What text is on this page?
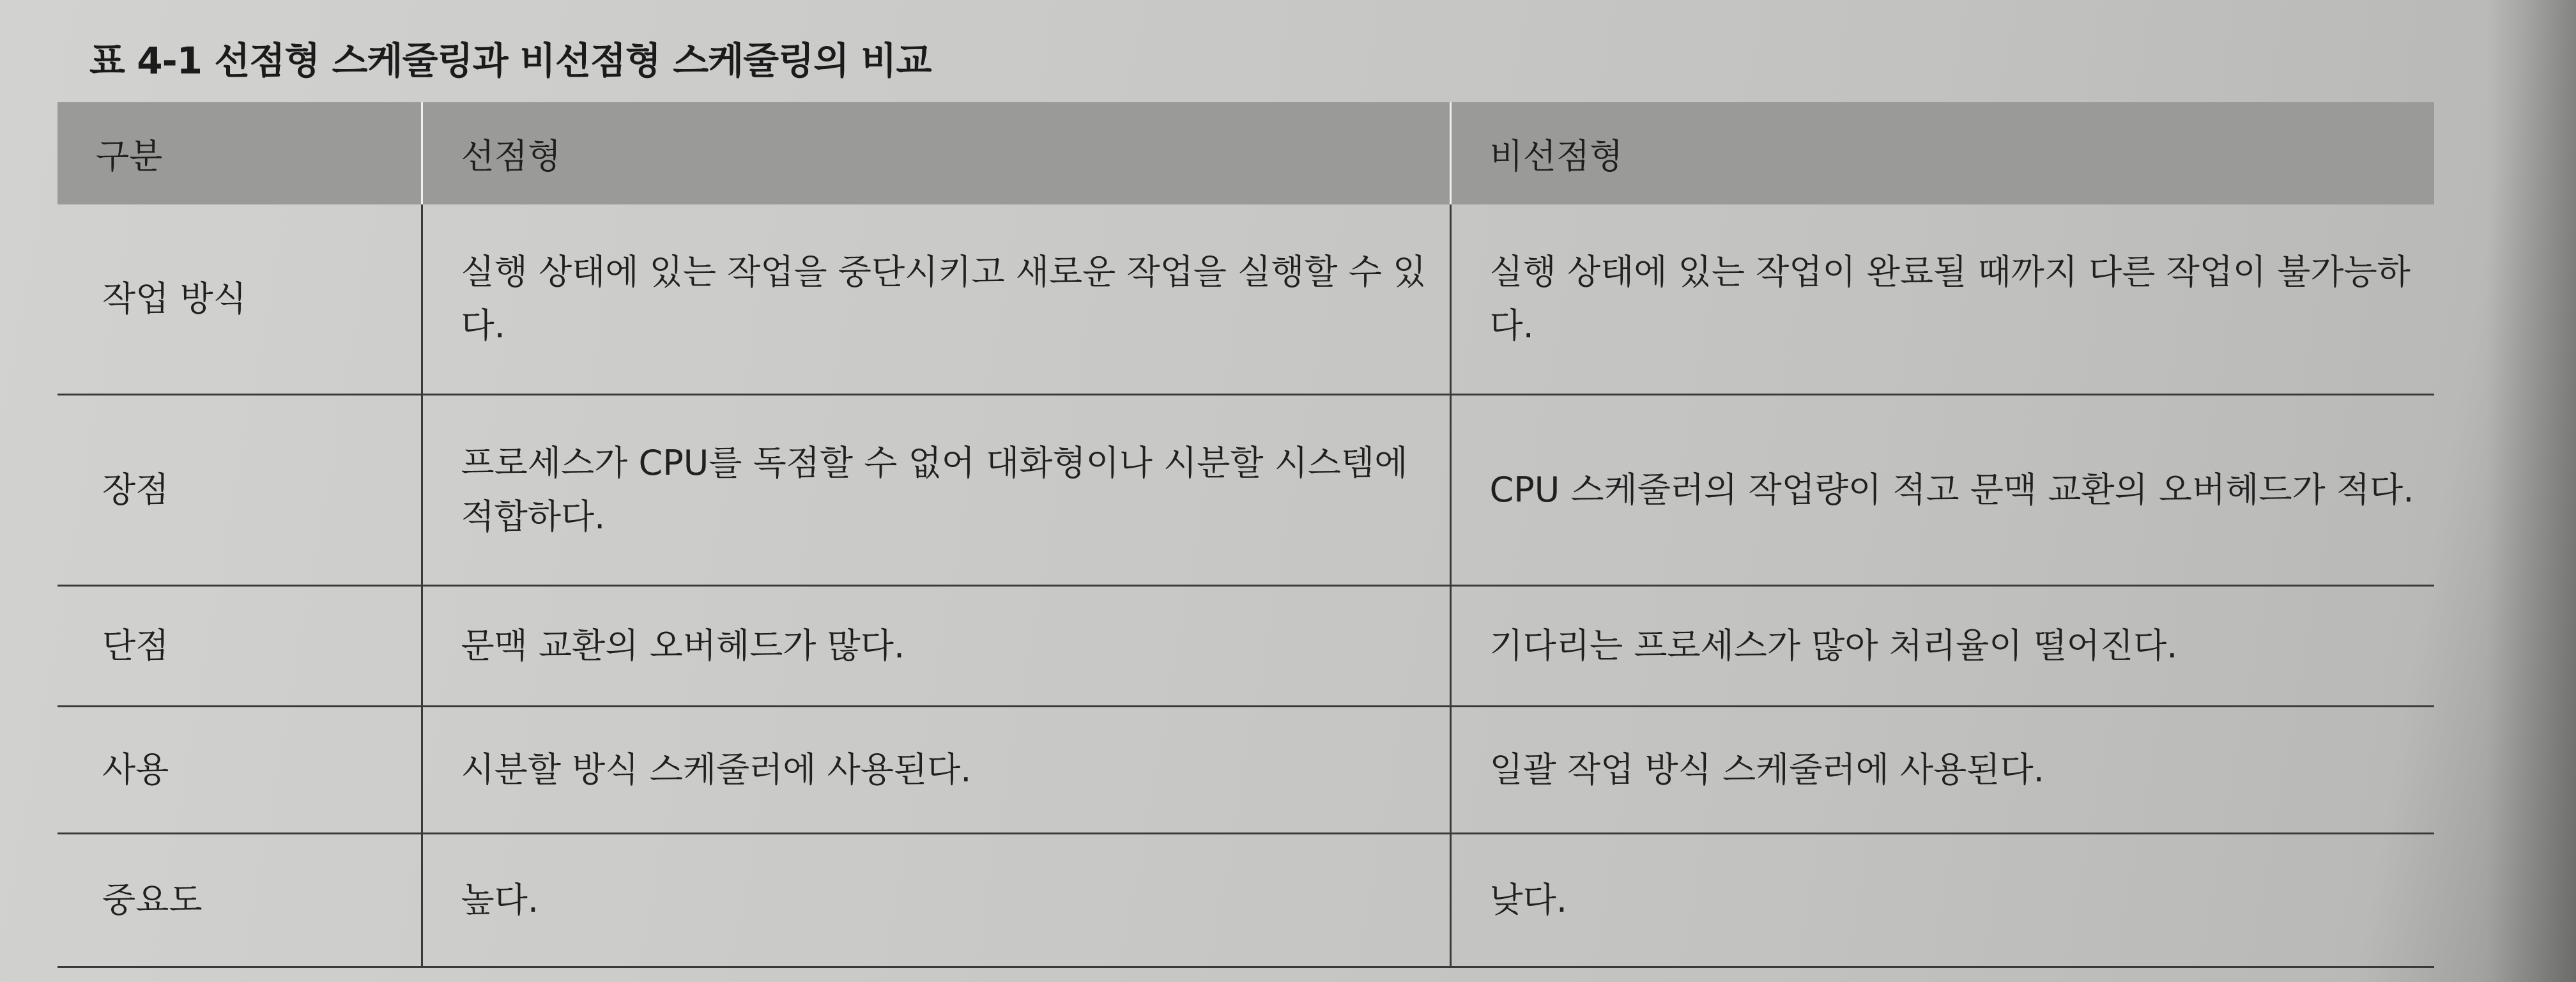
표 4-1 선점형 스케줄링과 비선점형 스케줄링의 비교
구분	선점형	비선점형
작업 방식	실행 상태에 있는 작업을 중단시키고 새로운 작업을 실행할 수 있다.	실행 상태에 있는 작업이 완료될 때까지 다른 작업이 불가능하다.
장점	프로세스가 CPU를 독점할 수 없어 대화형이나 시분할 시스템에 적합하다.	CPU 스케줄러의 작업량이 적고 문맥 교환의 오버헤드가 적다.
단점	문맥 교환의 오버헤드가 많다.	기다리는 프로세스가 많아 처리율이 떨어진다.
사용	시분할 방식 스케줄러에 사용된다.	일괄 작업 방식 스케줄러에 사용된다.
중요도	높다.	낮다.
